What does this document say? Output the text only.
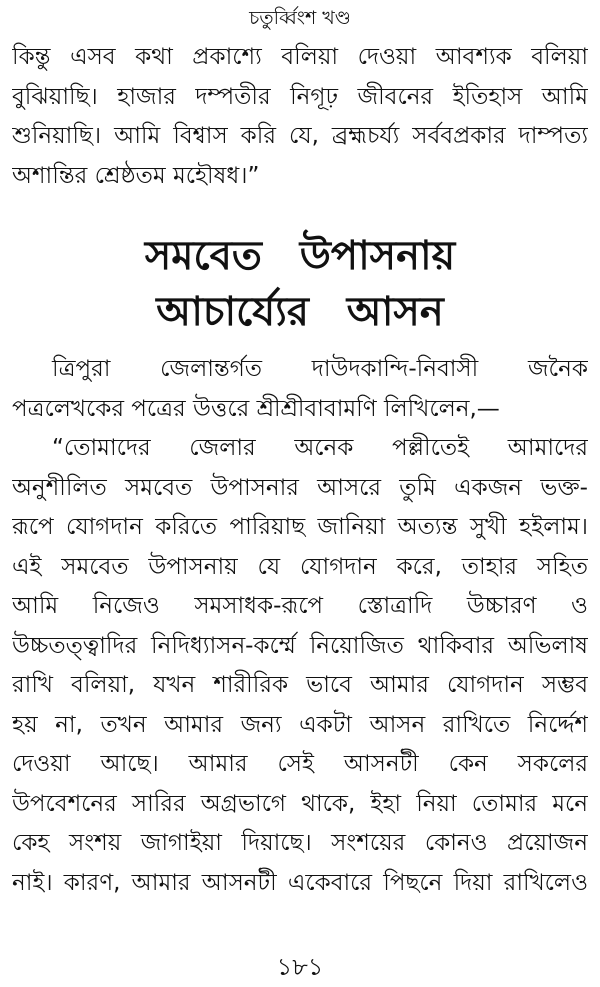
চতুর্ব্বিংশ খণ্ড
কিন্তু এসব কথা প্রকাশ্যে বলিয়া দেওয়া আবশ্যক বলিয়া
বুঝিয়াছি। হাজার দম্পতীর নিগূঢ় জীবনের ইতিহাস আমি
শুনিয়াছি। আমি বিশ্বাস করি যে, ব্রহ্মচর্য্য সর্ববপ্রকার দাম্পত্য
অশান্তির শ্রেষ্ঠতম মহৌষধ।”
সমবেত উপাসনায়
আচার্য্যের আসন
ত্রিপুরা জেলান্তর্গত দাউদকান্দি-নিবাসী জনৈক
পত্রলেখকের পত্রের উত্তরে শ্রীশ্রীবাবামণি লিখিলেন,—
“তোমাদের জেলার অনেক পল্লীতেই আমাদের
অনুশীলিত সমবেত উপাসনার আসরে তুমি একজন ভক্ত-
রূপে যোগদান করিতে পারিয়াছ জানিয়া অত্যন্ত সুখী হইলাম।
এই সমবেত উপাসনায় যে যোগদান করে, তাহার সহিত
আমি নিজেও সমসাধক-রূপে স্তোত্রাদি উচ্চারণ ও
উচ্চতত্ত্বাদির নিদিধ্যাসন-কর্ম্মে নিয়োজিত থাকিবার অভিলাষ
রাখি বলিয়া, যখন শারীরিক ভাবে আমার যোগদান সম্ভব
হয় না, তখন আমার জন্য একটা আসন রাখিতে নির্দ্দেশ
দেওয়া আছে। আমার সেই আসনটী কেন সকলের
উপবেশনের সারির অগ্রভাগে থাকে, ইহা নিয়া তোমার মনে
কেহ সংশয় জাগাইয়া দিয়াছে। সংশয়ের কোনও প্রয়োজন
নাই। কারণ, আমার আসনটী একেবারে পিছনে দিয়া রাখিলেও
১৮১
